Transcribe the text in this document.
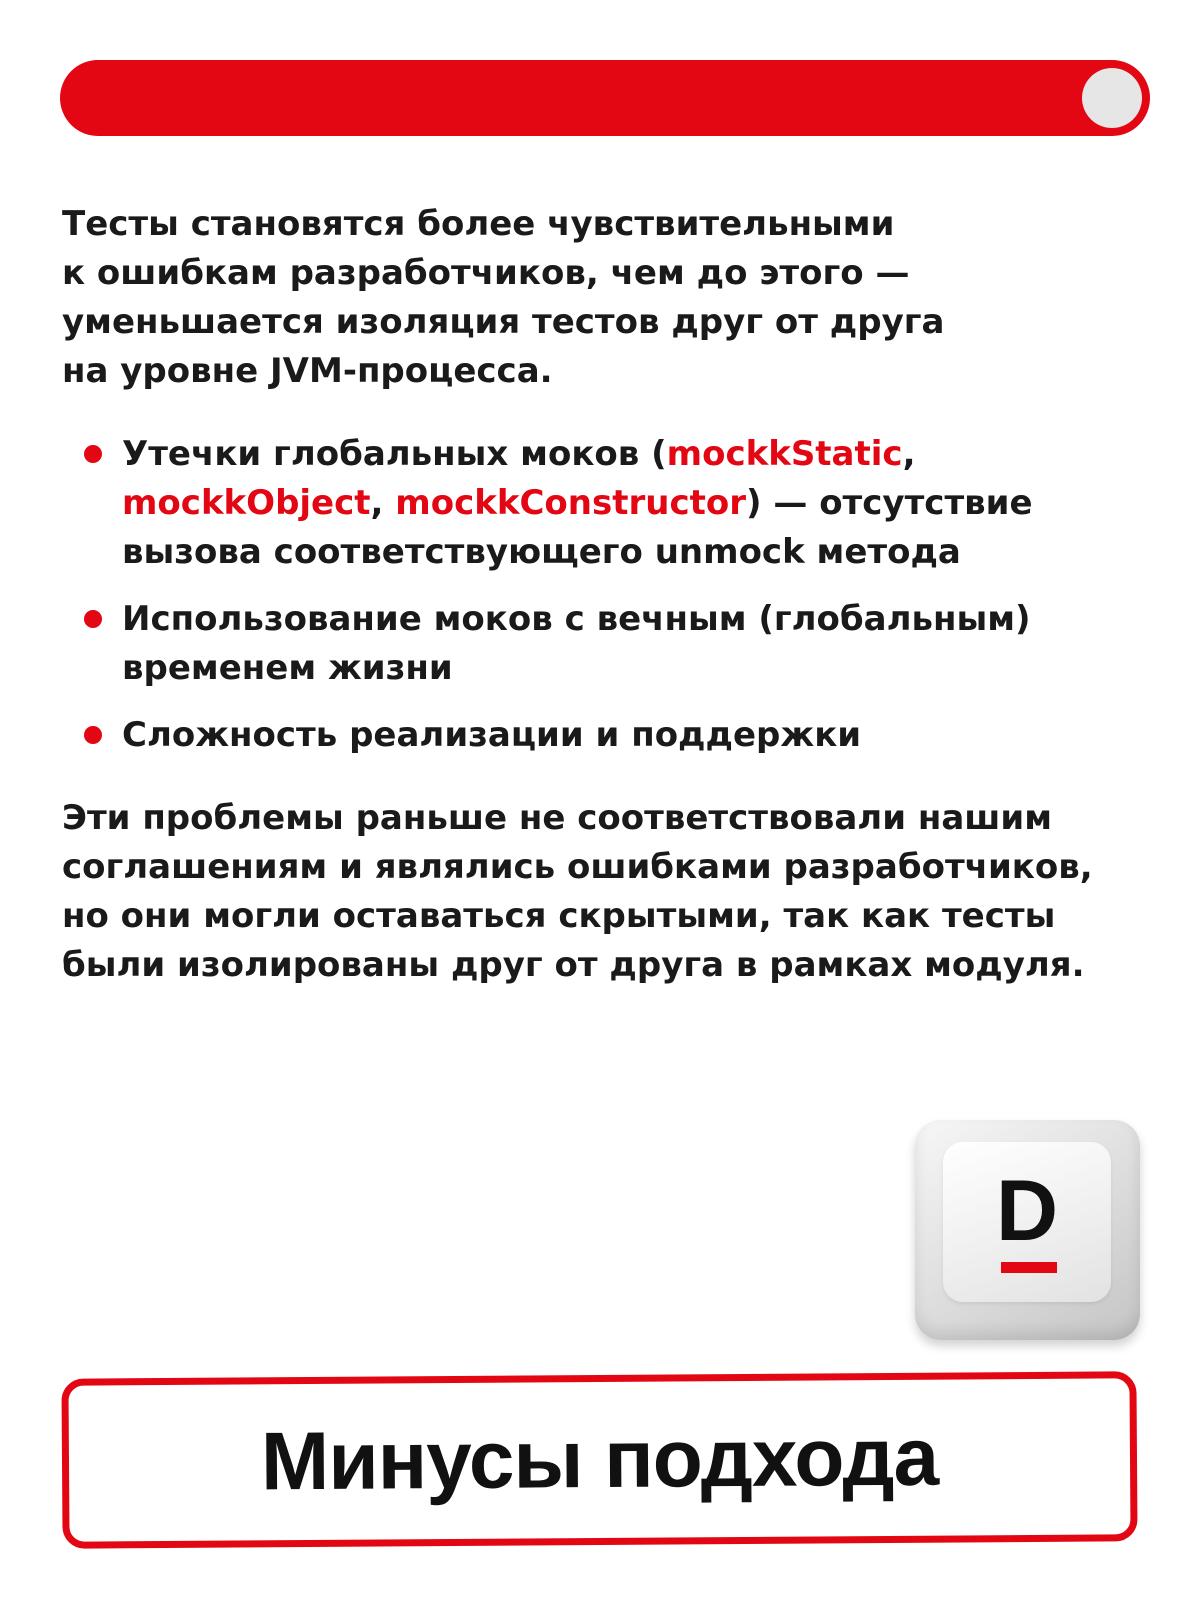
Тесты становятся более чувствительными
к ошибкам разработчиков, чем до этого —
уменьшается изоляция тестов друг от друга
на уровне JVM-процесса.

Утечки глобальных моков (mockkStatic,
mockkObject, mockkConstructor) — отсутствие
вызова соответствующего unmock метода
Использование моков с вечным (глобальным)
временем жизни
Сложность реализации и поддержки

Эти проблемы раньше не соответствовали нашим
соглашениям и являлись ошибками разработчиков,
но они могли оставаться скрытыми, так как тесты
были изолированы друг от друга в рамках модуля.

D
Минусы подхода
